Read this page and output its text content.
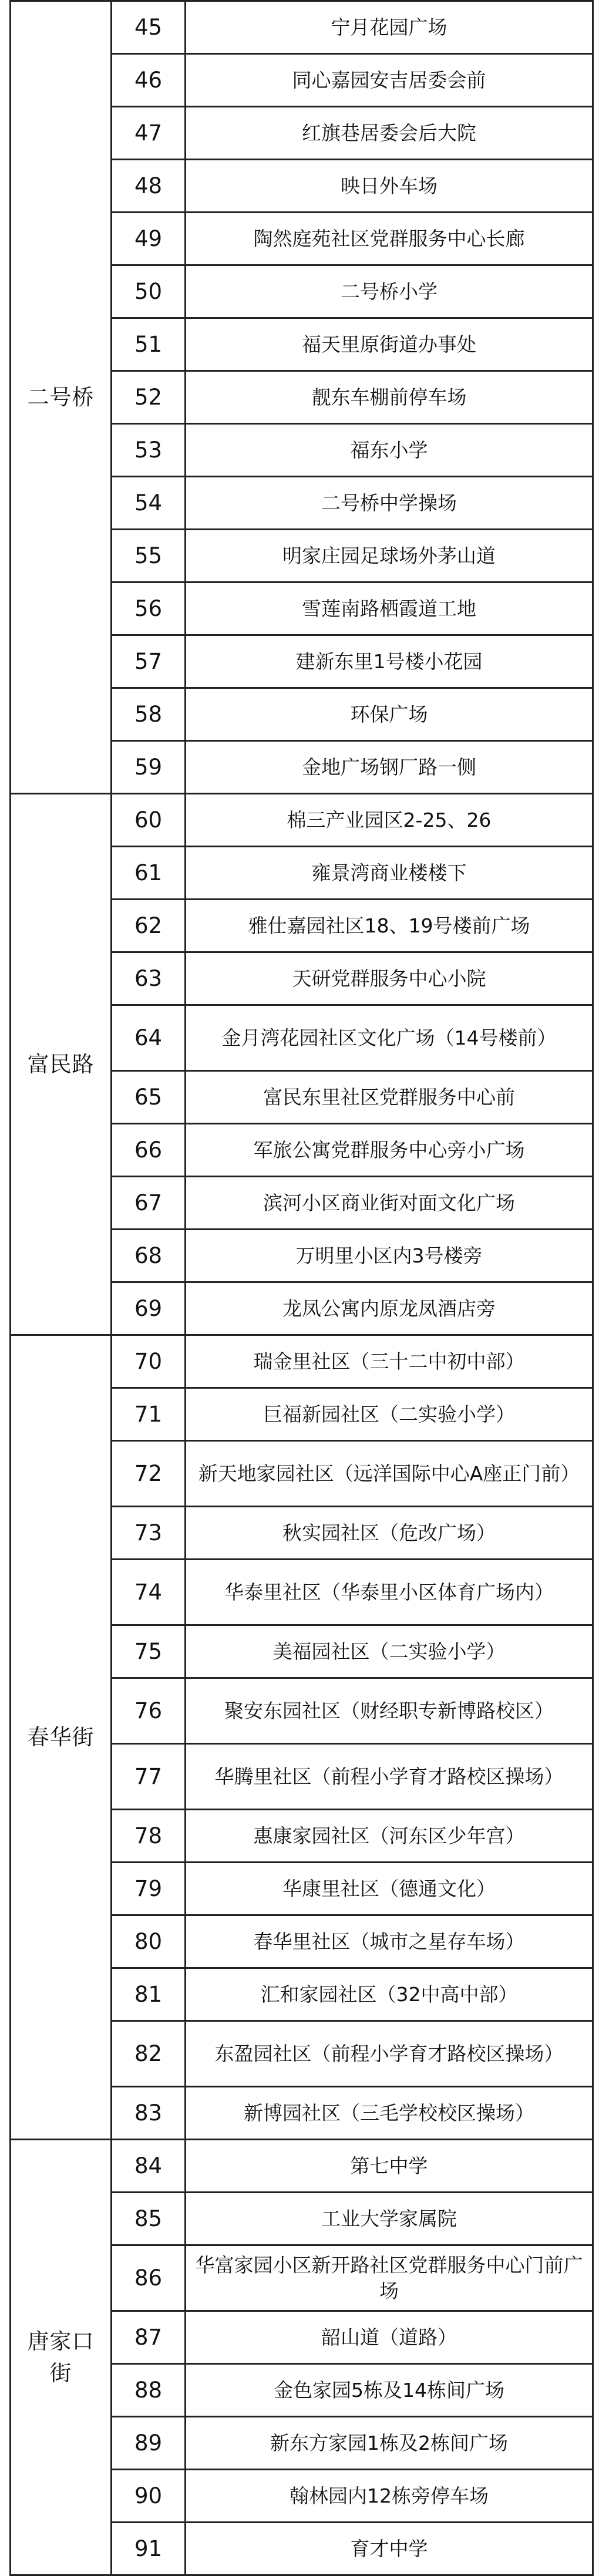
二号桥	45	宁月花园广场
	46	同心嘉园安吉居委会前
	47	红旗巷居委会后大院
	48	映日外车场
	49	陶然庭苑社区党群服务中心长廊
	50	二号桥小学
	51	福天里原街道办事处
	52	靓东车棚前停车场
	53	福东小学
	54	二号桥中学操场
	55	明家庄园足球场外茅山道
	56	雪莲南路栖霞道工地
	57	建新东里1号楼小花园
	58	环保广场
	59	金地广场钢厂路一侧
富民路	60	棉三产业园区2-25、26
	61	雍景湾商业楼楼下
	62	雅仕嘉园社区18、19号楼前广场
	63	天研党群服务中心小院
	64	金月湾花园社区文化广场（14号楼前）
	65	富民东里社区党群服务中心前
	66	军旅公寓党群服务中心旁小广场
	67	滨河小区商业街对面文化广场
	68	万明里小区内3号楼旁
	69	龙凤公寓内原龙凤酒店旁
春华街	70	瑞金里社区（三十二中初中部）
	71	巨福新园社区（二实验小学）
	72	新天地家园社区（远洋国际中心A座正门前）
	73	秋实园社区（危改广场）
	74	华泰里社区（华泰里小区体育广场内）
	75	美福园社区（二实验小学）
	76	聚安东园社区（财经职专新博路校区）
	77	华腾里社区（前程小学育才路校区操场）
	78	惠康家园社区（河东区少年宫）
	79	华康里社区（德通文化）
	80	春华里社区（城市之星存车场）
	81	汇和家园社区（32中高中部）
	82	东盈园社区（前程小学育才路校区操场）
	83	新博园社区（三毛学校校区操场）
唐家口街	84	第七中学
	85	工业大学家属院
	86	华富家园小区新开路社区党群服务中心门前广场
	87	韶山道（道路）
	88	金色家园5栋及14栋间广场
	89	新东方家园1栋及2栋间广场
	90	翰林园内12栋旁停车场
	91	育才中学
